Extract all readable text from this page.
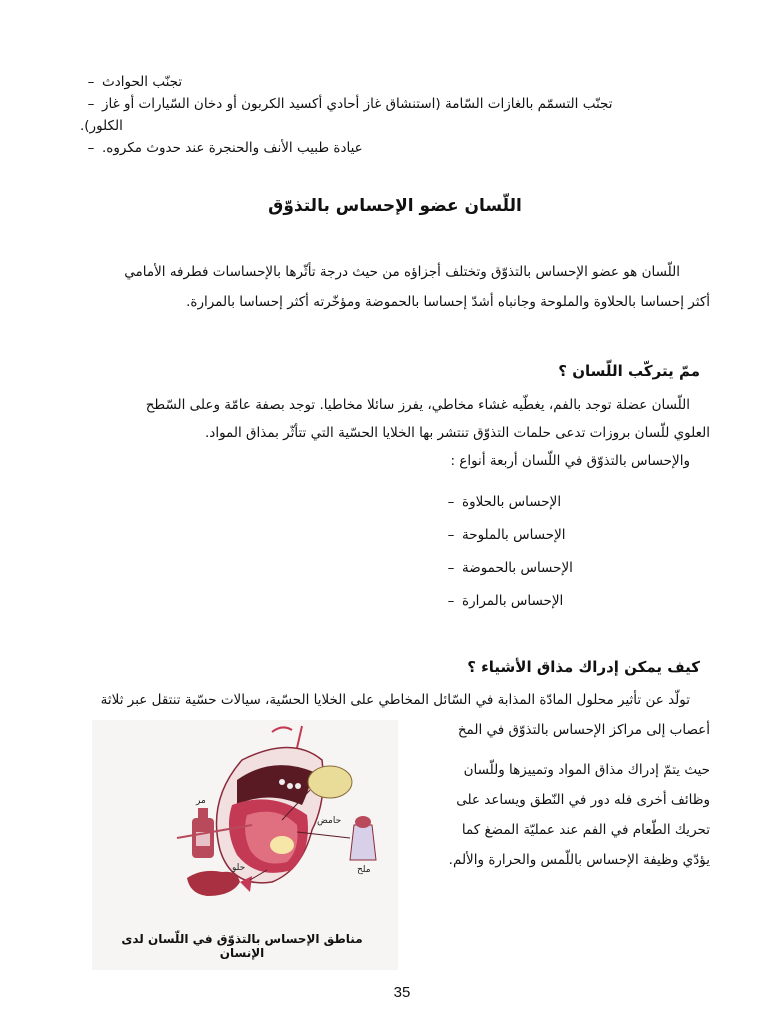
– تجنّب الحوادث
– تجنّب التسمّم بالغازات السّامة (استنشاق غاز أحادي أكسيد الكربون أو دخان السّيارات أو غاز
الكلور).
– عيادة طبيب الأنف والحنجرة عند حدوث مكروه.
اللّسان عضو الإحساس بالتذوّق
اللّسان هو عضو الإحساس بالتذوّق وتختلف أجزاؤه من حيث درجة تأثّرها بالإحساسات فطرفه الأمامي
أكثر إحساسا بالحلاوة والملوحة وجانباه أشدّ إحساسا بالحموضة ومؤخّرته أكثر إحساسا بالمرارة.
ممّ يتركّب اللّسان ؟
اللّسان عضلة توجد بالفم، يغطّيه غشاء مخاطي، يفرز سائلا مخاطيا. توجد بصفة عامّة وعلى السّطح
العلوي للّسان بروزات تدعى حلمات التذوّق تنتشر بها الخلايا الحسّية التي تتأثّر بمذاق المواد.
والإحساس بالتذوّق في اللّسان أربعة أنواع :
– الإحساس بالحلاوة
– الإحساس بالملوحة
– الإحساس بالحموضة
– الإحساس بالمرارة
كيف يمكن إدراك مذاق الأشياء ؟
تولّد عن تأثير محلول المادّة المذابة في السّائل المخاطي على الخلايا الحسّية، سيالات حسّية تنتقل عبر ثلاثة
أعصاب إلى مراكز الإحساس بالتذوّق في المخ
حيث يتمّ إدراك مذاق المواد وتمييزها وللّسان
وظائف أخرى فله دور في النّطق ويساعد على
تحريك الطّعام في الفم عند عمليّة المضغ كما
يؤدّي وظيفة الإحساس باللّمس والحرارة والألم.
مر
حلو
حامض
ملح
مناطق الإحساس بالتذوّق في اللّسان لدى الإنسان
35
